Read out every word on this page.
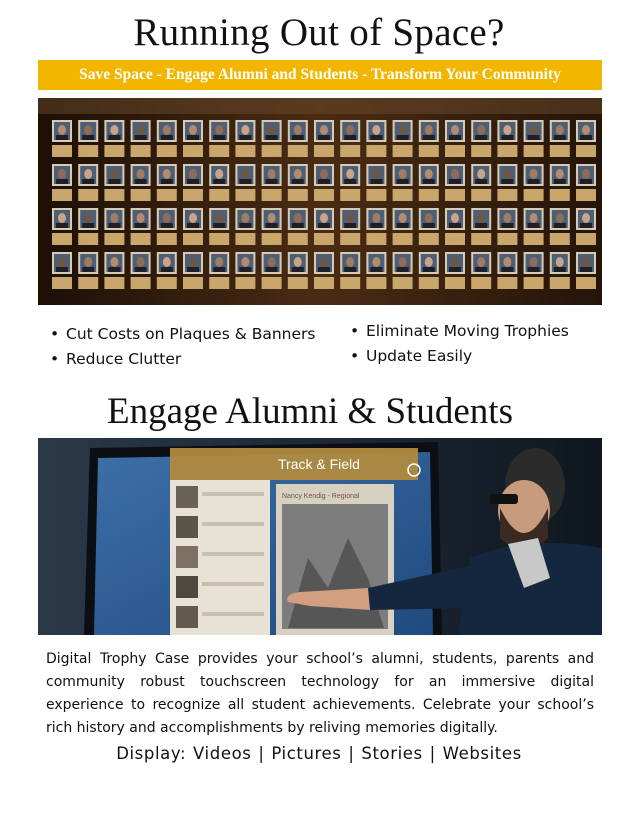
Running Out of Space?
Save Space - Engage Alumni and Students - Transform Your Community
• Cut Costs on Plaques & Banners
• Reduce Clutter
• Eliminate Moving Trophies
• Update Easily
Engage Alumni & Students
Track & Field
Nancy Kendig - Regional
Digital Trophy Case provides your school’s alumni, students, parents and community robust touchscreen technology for an immersive digital experience to recognize all student achievements. Celebrate your school’s rich history and accomplishments by reliving memories digitally.
Display: Videos | Pictures | Stories | Websites
